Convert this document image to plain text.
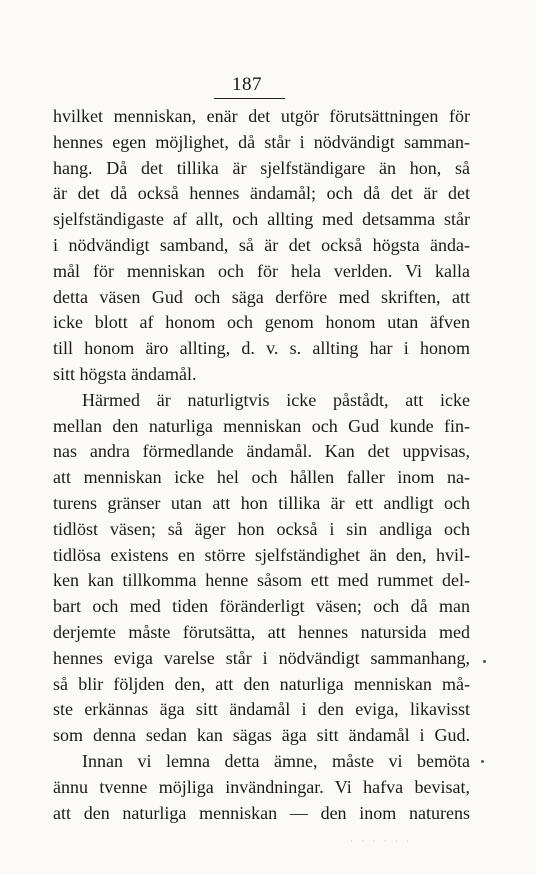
187
hvilket menniskan, enär det utgör förutsättningen för
hennes egen möjlighet, då står i nödvändigt samman-
hang. Då det tillika är sjelfständigare än hon, så
är det då också hennes ändamål; och då det är det
sjelfständigaste af allt, och allting med detsamma står
i nödvändigt samband, så är det också högsta ända-
mål för menniskan och för hela verlden. Vi kalla
detta väsen Gud och säga derföre med skriften, att
icke blott af honom och genom honom utan äfven
till honom äro allting, d. v. s. allting har i honom
sitt högsta ändamål.
Härmed är naturligtvis icke påstådt, att icke
mellan den naturliga menniskan och Gud kunde fin-
nas andra förmedlande ändamål. Kan det uppvisas,
att menniskan icke hel och hållen faller inom na-
turens gränser utan att hon tillika är ett andligt och
tidlöst väsen; så äger hon också i sin andliga och
tidlösa existens en större sjelfständighet än den, hvil-
ken kan tillkomma henne såsom ett med rummet del-
bart och med tiden föränderligt väsen; och då man
derjemte måste förutsätta, att hennes natursida med
hennes eviga varelse står i nödvändigt sammanhang,
så blir följden den, att den naturliga menniskan må-
ste erkännas äga sitt ändamål i den eviga, likavisst
som denna sedan kan sägas äga sitt ändamål i Gud.
Innan vi lemna detta ämne, måste vi bemöta
ännu tvenne möjliga invändningar. Vi hafva bevisat,
att den naturliga menniskan — den inom naturens
· · · · · ·
